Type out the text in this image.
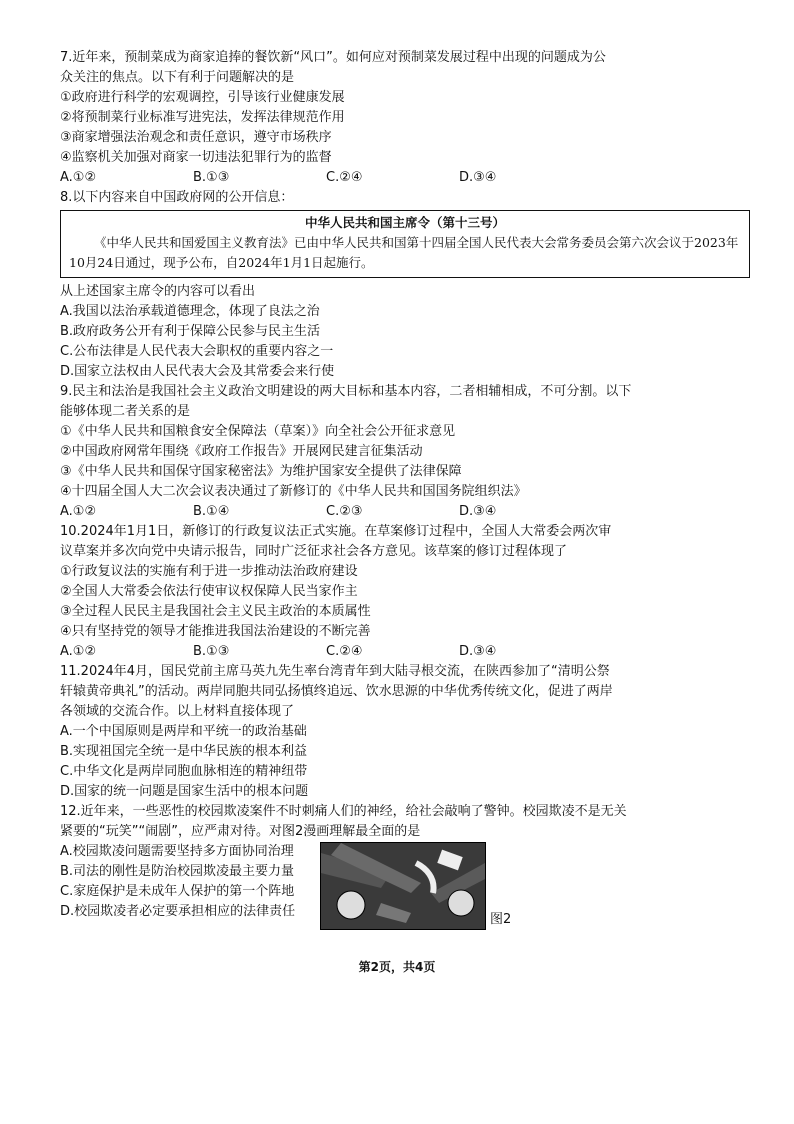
7.近年来，预制菜成为商家追捧的餐饮新“风口”。如何应对预制菜发展过程中出现的问题成为公
众关注的焦点。以下有利于问题解决的是
①政府进行科学的宏观调控，引导该行业健康发展
②将预制菜行业标准写进宪法，发挥法律规范作用
③商家增强法治观念和责任意识，遵守市场秩序
④监察机关加强对商家一切违法犯罪行为的监督
A.①②	B.①③	C.②④	D.③④
8.以下内容来自中国政府网的公开信息：
中华人民共和国主席令（第十三号）
《中华人民共和国爱国主义教育法》已由中华人民共和国第十四届全国人民代表大会常务委员会第六次会议于2023年10月24日通过，现予公布，自2024年1月1日起施行。
从上述国家主席令的内容可以看出
A.我国以法治承载道德理念，体现了良法之治
B.政府政务公开有利于保障公民参与民主生活
C.公布法律是人民代表大会职权的重要内容之一
D.国家立法权由人民代表大会及其常委会来行使
9.民主和法治是我国社会主义政治文明建设的两大目标和基本内容，二者相辅相成，不可分割。以下
能够体现二者关系的是
①《中华人民共和国粮食安全保障法（草案）》向全社会公开征求意见
②中国政府网常年围绕《政府工作报告》开展网民建言征集活动
③《中华人民共和国保守国家秘密法》为维护国家安全提供了法律保障
④十四届全国人大二次会议表决通过了新修订的《中华人民共和国国务院组织法》
A.①②	B.①④	C.②③	D.③④
10.2024年1月1日，新修订的行政复议法正式实施。在草案修订过程中，全国人大常委会两次审
议草案并多次向党中央请示报告，同时广泛征求社会各方意见。该草案的修订过程体现了
①行政复议法的实施有利于进一步推动法治政府建设
②全国人大常委会依法行使审议权保障人民当家作主
③全过程人民民主是我国社会主义民主政治的本质属性
④只有坚持党的领导才能推进我国法治建设的不断完善
A.①②	B.①③	C.②④	D.③④
11.2024年4月，国民党前主席马英九先生率台湾青年到大陆寻根交流，在陕西参加了“清明公祭
轩辕黄帝典礼”的活动。两岸同胞共同弘扬慎终追远、饮水思源的中华优秀传统文化，促进了两岸
各领域的交流合作。以上材料直接体现了
A.一个中国原则是两岸和平统一的政治基础
B.实现祖国完全统一是中华民族的根本利益
C.中华文化是两岸同胞血脉相连的精神纽带
D.国家的统一问题是国家生活中的根本问题
12.近年来，一些恶性的校园欺凌案件不时刺痛人们的神经，给社会敲响了警钟。校园欺凌不是无关
紧要的“玩笑”“闹剧”，应严肃对待。对图2漫画理解最全面的是
A.校园欺凌问题需要坚持多方面协同治理
B.司法的刚性是防治校园欺凌最主要力量
C.家庭保护是未成年人保护的第一个阵地
D.校园欺凌者必定要承担相应的法律责任
图2
第2页，共4页
